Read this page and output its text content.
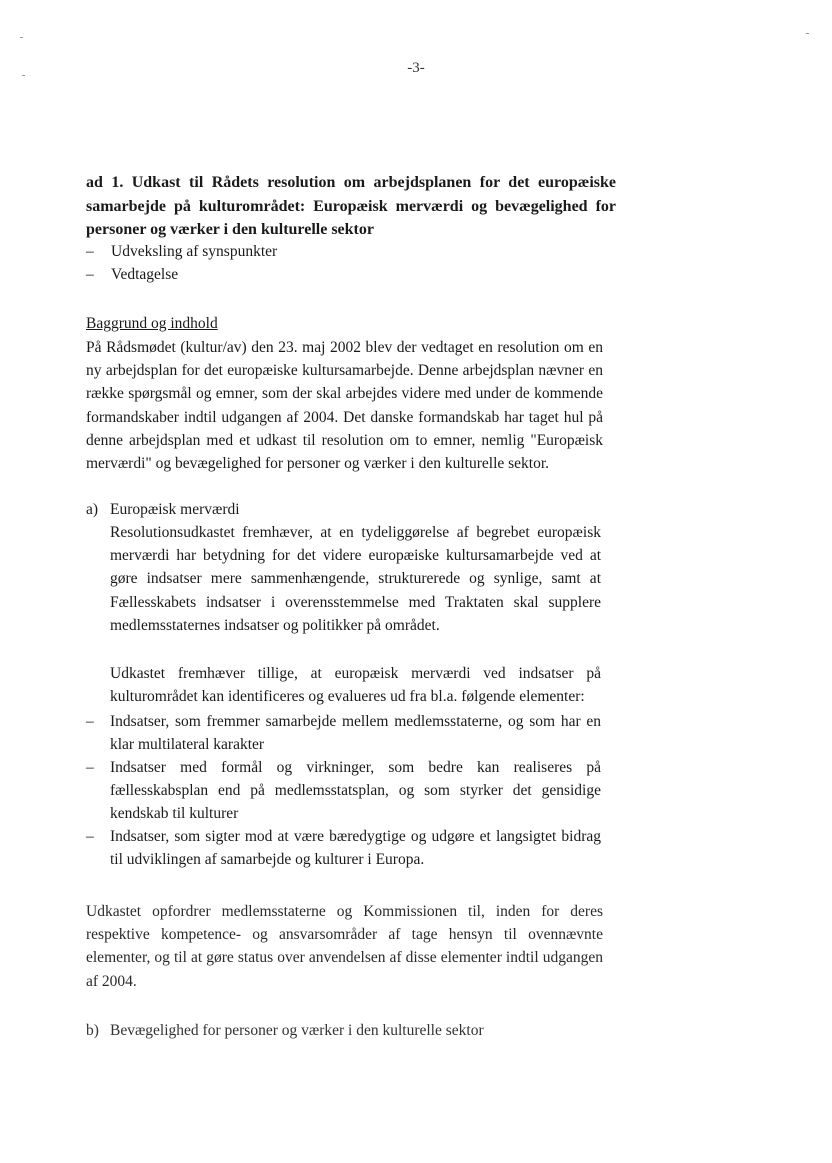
-3-
ad 1. Udkast til Rådets resolution om arbejdsplanen for det europæiske samarbejde på kulturområdet: Europæisk merværdi og bevægelighed for personer og værker i den kulturelle sektor
–	Udveksling af synspunkter
–	Vedtagelse
Baggrund og indhold
På Rådsmødet (kultur/av) den 23. maj 2002 blev der vedtaget en resolution om en ny arbejdsplan for det europæiske kultursamarbejde. Denne arbejdsplan nævner en række spørgsmål og emner, som der skal arbejdes videre med under de kommende formandskaber indtil udgangen af 2004. Det danske formandskab har taget hul på denne arbejdsplan med et udkast til resolution om to emner, nemlig "Europæisk merværdi" og bevægelighed for personer og værker i den kulturelle sektor.
a) Europæisk merværdi
Resolutionsudkastet fremhæver, at en tydeliggørelse af begrebet europæisk merværdi har betydning for det videre europæiske kultursamarbejde ved at gøre indsatser mere sammenhængende, strukturerede og synlige, samt at Fællesskabets indsatser i overensstemmelse med Traktaten skal supplere medlemsstaternes indsatser og politikker på området.
Udkastet fremhæver tillige, at europæisk merværdi ved indsatser på kulturområdet kan identificeres og evalueres ud fra bl.a. følgende elementer:
–	Indsatser, som fremmer samarbejde mellem medlemsstaterne, og som har en klar multilateral karakter
–	Indsatser med formål og virkninger, som bedre kan realiseres på fællesskabsplan end på medlemsstatsplan, og som styrker det gensidige kendskab til kulturer
–	Indsatser, som sigter mod at være bæredygtige og udgøre et langsigtet bidrag til udviklingen af samarbejde og kulturer i Europa.
Udkastet opfordrer medlemsstaterne og Kommissionen til, inden for deres respektive kompetence- og ansvarsområder af tage hensyn til ovennævnte elementer, og til at gøre status over anvendelsen af disse elementer indtil udgangen af 2004.
b) Bevægelighed for personer og værker i den kulturelle sektor
